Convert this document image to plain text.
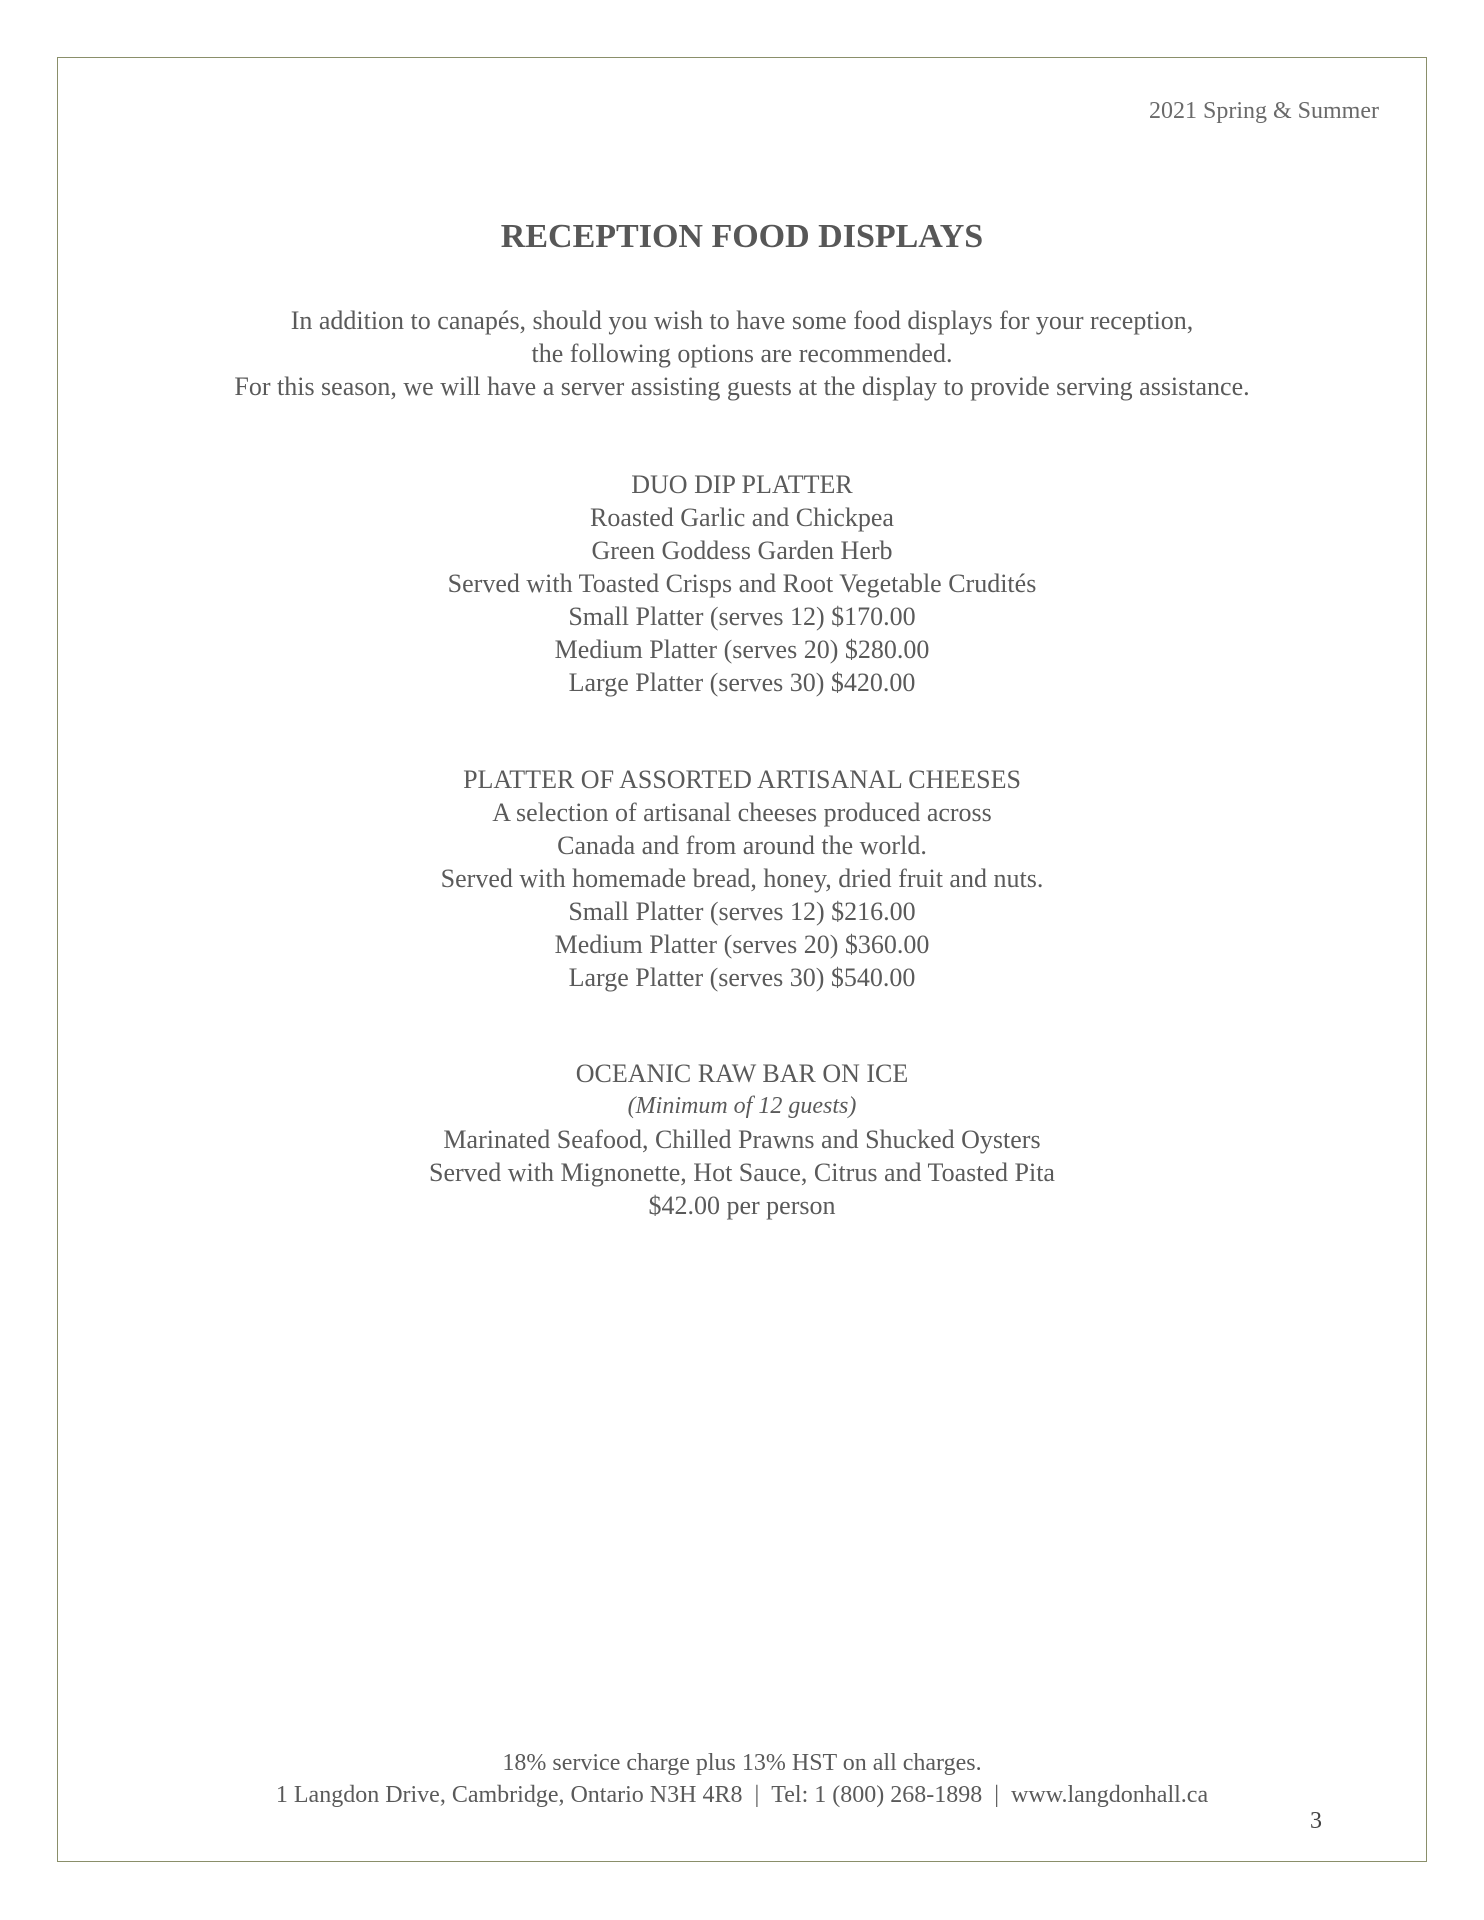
2021 Spring & Summer
RECEPTION FOOD DISPLAYS
In addition to canapés, should you wish to have some food displays for your reception,
the following options are recommended.
For this season, we will have a server assisting guests at the display to provide serving assistance.
DUO DIP PLATTER
Roasted Garlic and Chickpea
Green Goddess Garden Herb
Served with Toasted Crisps and Root Vegetable Crudités
Small Platter (serves 12) $170.00
Medium Platter (serves 20) $280.00
Large Platter (serves 30) $420.00
PLATTER OF ASSORTED ARTISANAL CHEESES
A selection of artisanal cheeses produced across
Canada and from around the world.
Served with homemade bread, honey, dried fruit and nuts.
Small Platter (serves 12) $216.00
Medium Platter (serves 20) $360.00
Large Platter (serves 30) $540.00
OCEANIC RAW BAR ON ICE
(Minimum of 12 guests)
Marinated Seafood, Chilled Prawns and Shucked Oysters
Served with Mignonette, Hot Sauce, Citrus and Toasted Pita
$42.00 per person
18% service charge plus 13% HST on all charges.
1 Langdon Drive, Cambridge, Ontario N3H 4R8 | Tel: 1 (800) 268-1898 | www.langdonhall.ca
3
